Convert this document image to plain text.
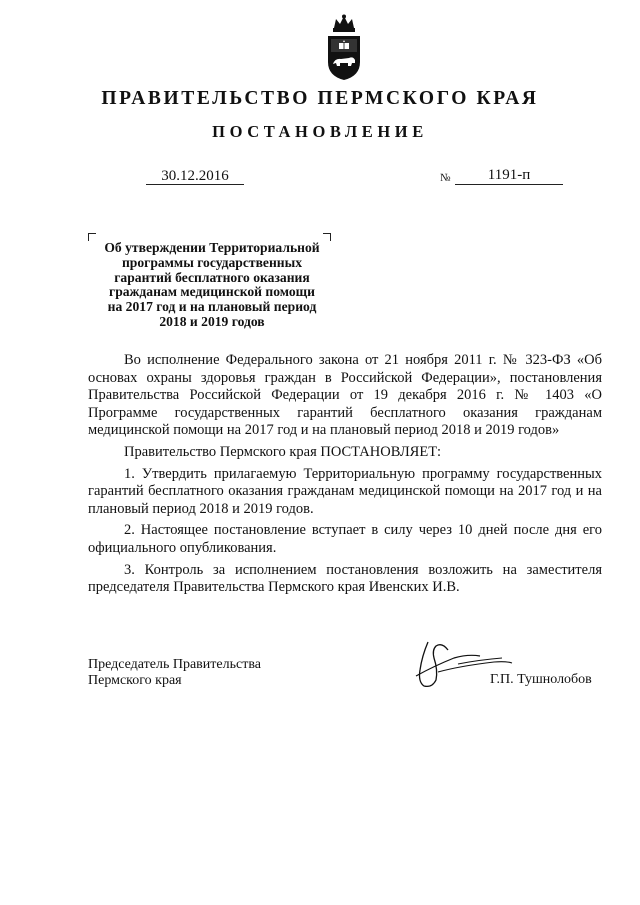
ПРАВИТЕЛЬСТВО ПЕРМСКОГО КРАЯ
ПОСТАНОВЛЕНИЕ
30.12.2016	№	1191-п
Об утверждении Территориальной
программы государственных
гарантий бесплатного оказания
гражданам медицинской помощи
на 2017 год и на плановый период
2018 и 2019 годов

Во исполнение Федерального закона от 21 ноября 2011 г. № 323-ФЗ «Об основах охраны здоровья граждан в Российской Федерации», постановления Правительства Российской Федерации от 19 декабря 2016 г. № 1403 «О Программе государственных гарантий бесплатного оказания гражданам медицинской помощи на 2017 год и на плановый период 2018 и 2019 годов»

Правительство Пермского края ПОСТАНОВЛЯЕТ:

1. Утвердить прилагаемую Территориальную программу государственных гарантий бесплатного оказания гражданам медицинской помощи на 2017 год и на плановый период 2018 и 2019 годов.

2. Настоящее постановление вступает в силу через 10 дней после дня его официального опубликования.

3. Контроль за исполнением постановления возложить на заместителя председателя Правительства Пермского края Ивенских И.В.

Председатель Правительства
Пермского края	Г.П. Тушнолобов
